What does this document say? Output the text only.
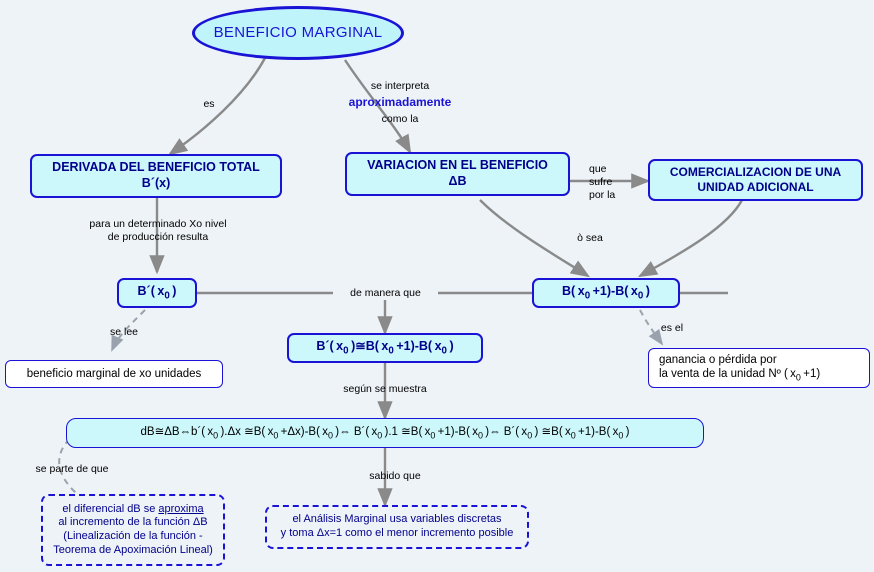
BENEFICIO MARGINAL
es
se interpreta
aproximadamente
como la
DERIVADA DEL BENEFICIO TOTAL
B´(x)
VARIACION EN EL BENEFICIO
ΔB
que
sufre
por la
COMERCIALIZACION DE UNA
UNIDAD ADICIONAL
para un determinado Xo nivel
de producción resulta	ò sea
B´( $x_0$ )	de manera que	B( $x_0 +1)-B$( $x_0$ )
se lee	es el
beneficio marginal de xo unidades
ganancia o pérdida por
la venta de la unidad Nº ( $x_0 +1$)
B´( $x_0$ )≅B( $x_0 +1)-B$( $x_0$ )
según se muestra
dB≅ΔB⇔b´( $x_0$ ).Δx ≅B( $x_0 +\Delta x)-B$( $x_0$ )⇔ B´( $x_0$ ).1 ≅B( $x_0 +1)-B$( $x_0$ )⇔ B´( $x_0$ ) ≅B( $x_0 +1)-B$( $x_0$ )
se parte de que
sabido que
el diferencial dB se aproxima
al incremento de la función ΔB
(Linealización de la función -
Teorema de Apoximación Lineal)
el Análisis Marginal usa variables discretas
y toma Δx=1 como el menor incremento posible
